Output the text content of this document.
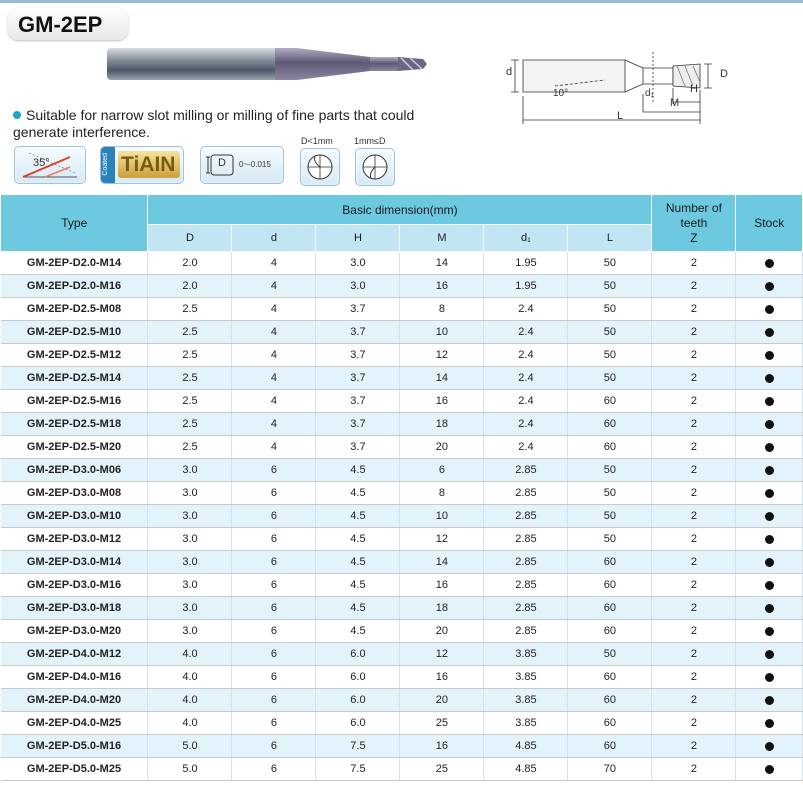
GM-2EP
Suitable for narrow slot milling or milling of fine parts that could generate interference.
35°	Coated TiAIN	D 0~-0.015
D<1mm 1mm≤D
d	D
d₁	H
M
L
10°
Type	Basic dimension(mm)						Number of
teeth
Z	Stock
	D	d	H	M	d₁	L		
GM-2EP-D2.0-M14	2.0	4	3.0	14	1.95	50	2	
GM-2EP-D2.0-M16	2.0	4	3.0	16	1.95	50	2	
GM-2EP-D2.5-M08	2.5	4	3.7	8	2.4	50	2	
GM-2EP-D2.5-M10	2.5	4	3.7	10	2.4	50	2	
GM-2EP-D2.5-M12	2.5	4	3.7	12	2.4	50	2	
GM-2EP-D2.5-M14	2.5	4	3.7	14	2.4	50	2	
GM-2EP-D2.5-M16	2.5	4	3.7	16	2.4	60	2	
GM-2EP-D2.5-M18	2.5	4	3.7	18	2.4	60	2	
GM-2EP-D2.5-M20	2.5	4	3.7	20	2.4	60	2	
GM-2EP-D3.0-M06	3.0	6	4.5	6	2.85	50	2	
GM-2EP-D3.0-M08	3.0	6	4.5	8	2.85	50	2	
GM-2EP-D3.0-M10	3.0	6	4.5	10	2.85	50	2	
GM-2EP-D3.0-M12	3.0	6	4.5	12	2.85	50	2	
GM-2EP-D3.0-M14	3.0	6	4.5	14	2.85	60	2	
GM-2EP-D3.0-M16	3.0	6	4.5	16	2.85	60	2	
GM-2EP-D3.0-M18	3.0	6	4.5	18	2.85	60	2	
GM-2EP-D3.0-M20	3.0	6	4.5	20	2.85	60	2	
GM-2EP-D4.0-M12	4.0	6	6.0	12	3.85	50	2	
GM-2EP-D4.0-M16	4.0	6	6.0	16	3.85	60	2	
GM-2EP-D4.0-M20	4.0	6	6.0	20	3.85	60	2	
GM-2EP-D4.0-M25	4.0	6	6.0	25	3.85	60	2	
GM-2EP-D5.0-M16	5.0	6	7.5	16	4.85	60	2	
GM-2EP-D5.0-M25	5.0	6	7.5	25	4.85	70	2	
